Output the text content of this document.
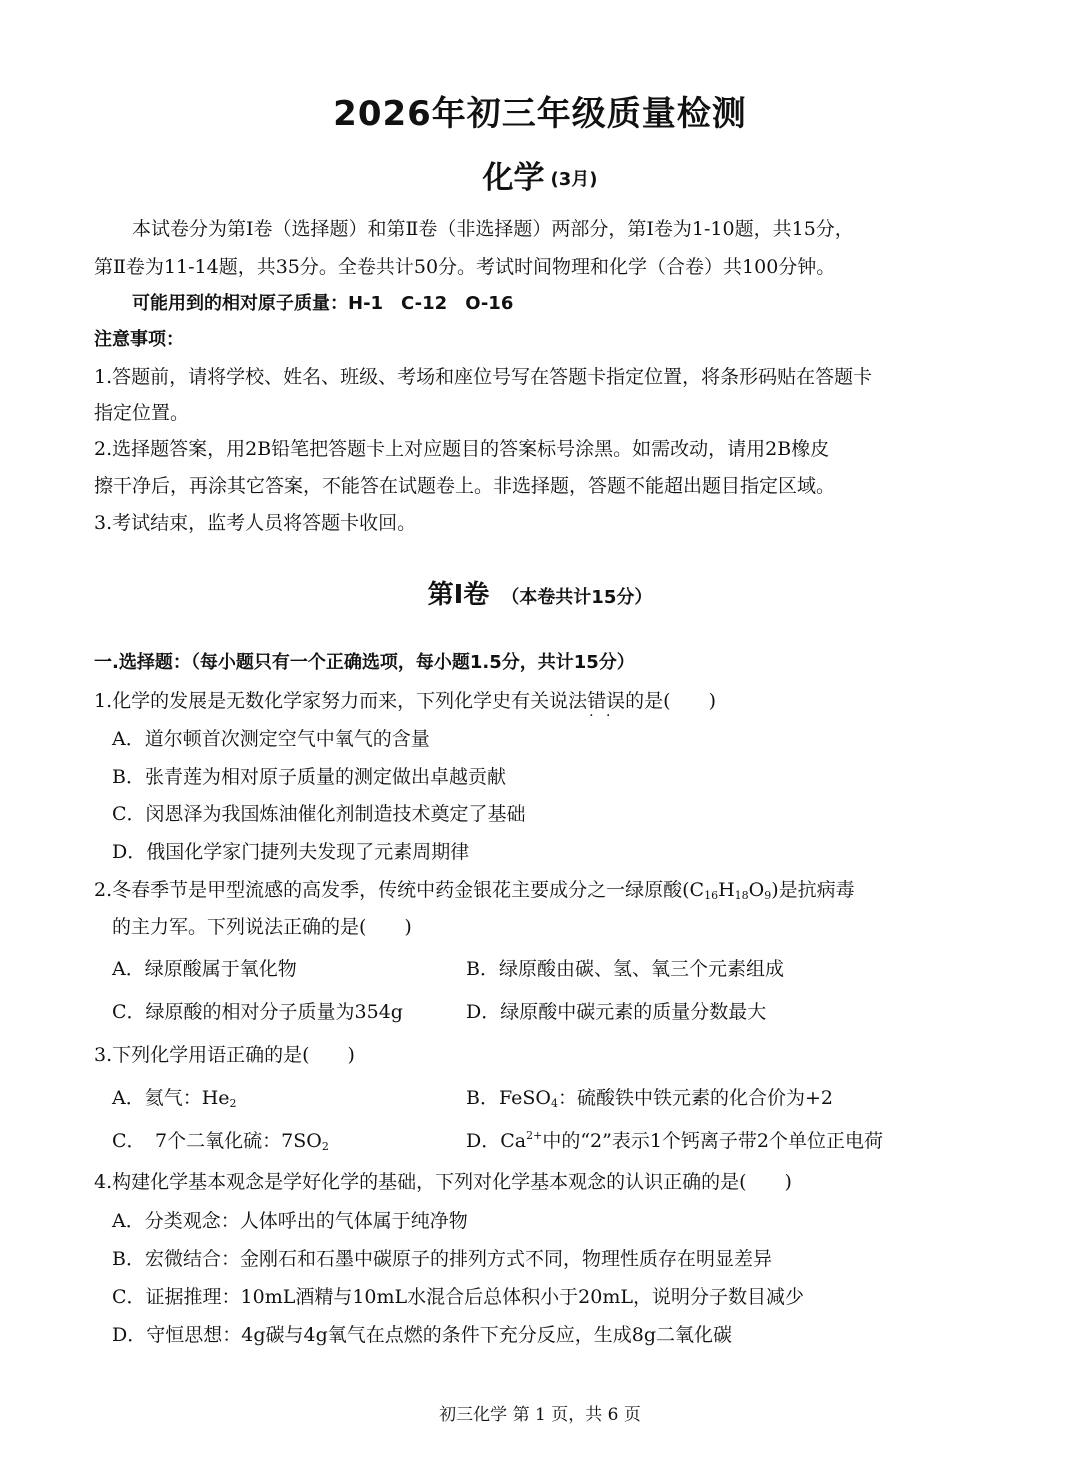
2026年初三年级质量检测
化学 (3月)
本试卷分为第Ⅰ卷（选择题）和第Ⅱ卷（非选择题）两部分，第Ⅰ卷为1-10题，共15分，
第Ⅱ卷为11-14题，共35分。全卷共计50分。考试时间物理和化学（合卷）共100分钟。
可能用到的相对原子质量：H-1　C-12　O-16
注意事项：
1.答题前，请将学校、姓名、班级、考场和座位号写在答题卡指定位置，将条形码贴在答题卡
指定位置。
2.选择题答案，用2B铅笔把答题卡上对应题目的答案标号涂黑。如需改动，请用2B橡皮
擦干净后，再涂其它答案，不能答在试题卷上。非选择题，答题不能超出题目指定区域。
3.考试结束，监考人员将答题卡收回。
第Ⅰ卷 （本卷共计15分）
一.选择题：（每小题只有一个正确选项，每小题1.5分，共计15分）
1.化学的发展是无数化学家努力而来，下列化学史有关说法错误 · ·的是(　　)
A．道尔顿首次测定空气中氧气的含量
B．张青莲为相对原子质量的测定做出卓越贡献
C．闵恩泽为我国炼油催化剂制造技术奠定了基础
D．俄国化学家门捷列夫发现了元素周期律
2.冬春季节是甲型流感的高发季，传统中药金银花主要成分之一绿原酸$(C_{16}H_{18}O_9)$是抗病毒
的主力军。下列说法正确的是(　　)
A．绿原酸属于氧化物	B．绿原酸由碳、氢、氧三个元素组成
C．绿原酸的相对分子质量为354g	D．绿原酸中碳元素的质量分数最大
3.下列化学用语正确的是(　　)
A．氦气：$He_2$	B．FeSO$_4$：硫酸铁中铁元素的化合价为+2
C．　7个二氧化硫：$7SO_2$	D．$Ca^{2+}$中的“2”表示1个钙离子带2个单位正电荷
4.构建化学基本观念是学好化学的基础，下列对化学基本观念的认识正确的是(　　)
A．分类观念：人体呼出的气体属于纯净物
B．宏微结合：金刚石和石墨中碳原子的排列方式不同，物理性质存在明显差异
C．证据推理：10mL酒精与10mL水混合后总体积小于20mL，说明分子数目减少
D．守恒思想：4g碳与4g氧气在点燃的条件下充分反应，生成8g二氧化碳
初三化学 第 1 页，共 6 页
